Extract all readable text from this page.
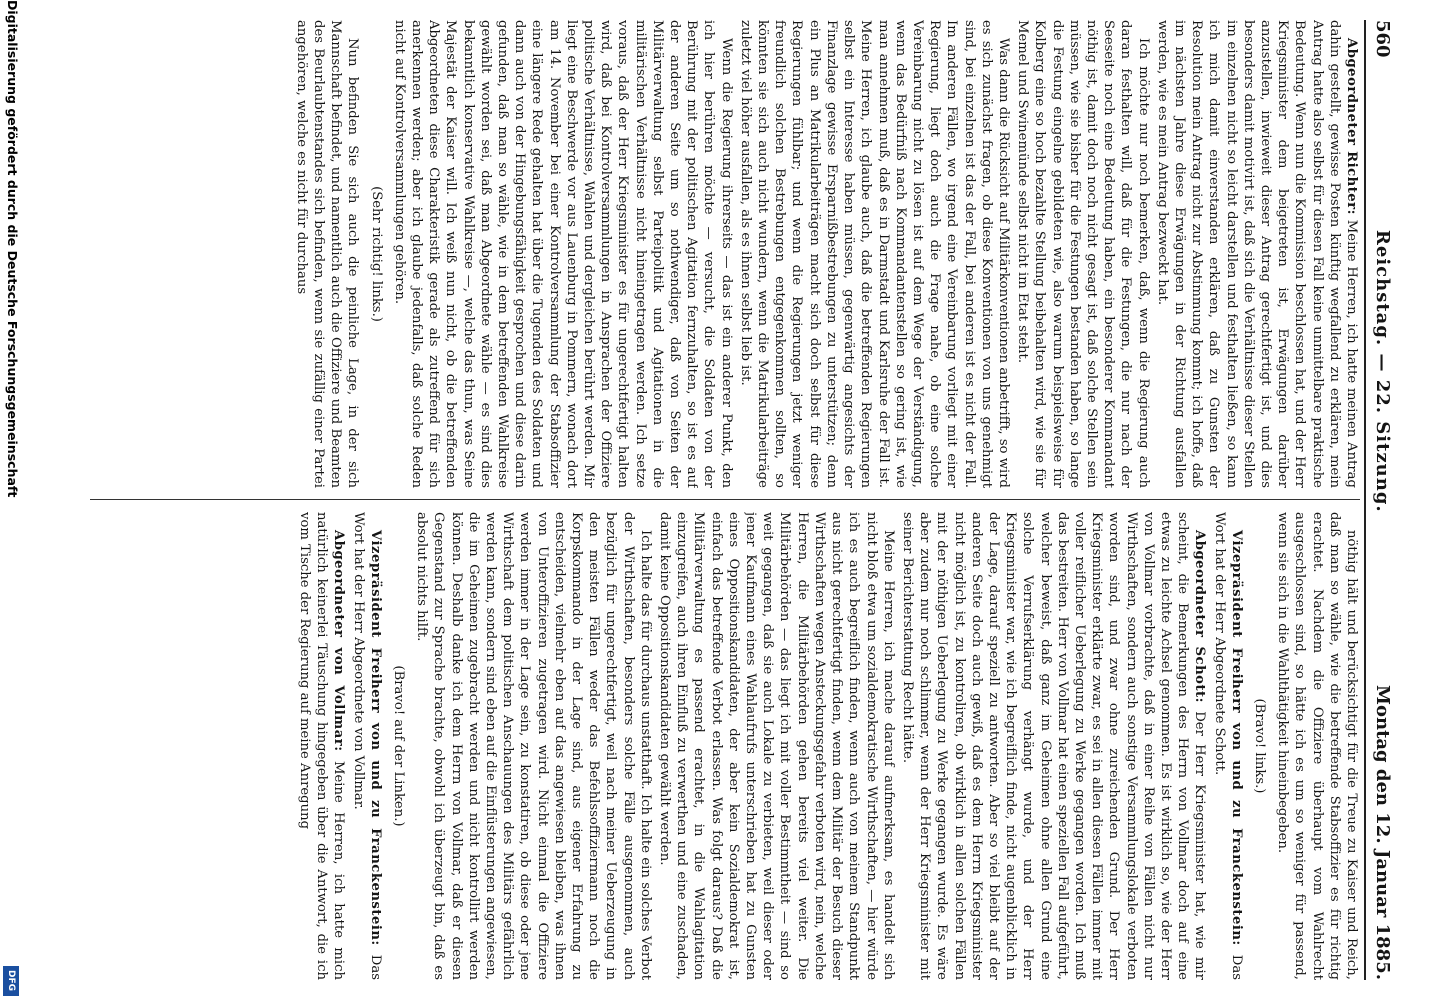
Digitalisierung gefördert durch die Deutsche Forschungsgemeinschaft
DFG
560
Reichstag. — 22. Sitzung.
Montag den 12. Januar 1885.

Abgeordneter Richter: Meine Herren, ich hatte meinen Antrag dahin gestellt, gewisse Posten künftig wegfallend zu erklären, mein Antrag hatte also selbst für diesen Fall keine unmittelbare praktische Bedeutung. Wenn nun die Kommission beschlossen hat, und der Herr Kriegsminister dem beigetreten ist, Erwägungen darüber anzustellen, inwieweit dieser Antrag gerechtfertigt ist, und dies besonders damit motivirt ist, daß sich die Verhältnisse dieser Stellen im einzelnen nicht so leicht darstellen und festhalten ließen, so kann ich mich damit einverstanden erklären, daß zu Gunsten der Resolution mein Antrag nicht zur Abstimmung kommt; ich hoffe, daß im nächsten Jahre diese Erwägungen in der Richtung ausfallen werden, wie es mein Antrag bezweckt hat.

Ich möchte nur noch bemerken, daß, wenn die Regierung auch daran festhalten will, daß für die Festungen, die nur nach der Seeseite noch eine Bedeutung haben, ein besonderer Kommandant nöthig ist, damit doch noch nicht gesagt ist, daß solche Stellen sein müssen, wie sie bisher für die Festungen bestanden haben, so lange die Festung eingelne gebildeten wie, also warum beispielsweise für Kolberg eine so hoch bezahlte Stellung beibehalten wird, wie sie für Memel und Swinemünde selbst nicht im Etat steht.

Was dann die Rücksicht auf Militärkonventionen anbetrifft, so wird es sich zunächst fragen, ob diese Konventionen von uns genehmigt sind, bei einzelnen ist das der Fall, bei anderen ist es nicht der Fall. Im anderen Fällen, wo irgend eine Vereinbarung vorliegt mit einer Regierung, liegt doch auch die Frage nahe, ob eine solche Vereinbarung nicht zu lösen ist auf dem Wege der Verständigung, wenn das Bedürfniß nach Kommandantenstellen so gering ist, wie man annehmen muß, daß es in Darmstadt und Karlsruhe der Fall ist. Meine Herren, ich glaube auch, daß die betreffenden Regierungen selbst ein Interesse haben müssen, gegenwärtig angesichts der Finanzlage gewisse Ersparnißbestrebungen zu unterstützen; denn ein Plus an Matrikularbeiträgen macht sich doch selbst für diese Regierungen fühlbar; und wenn die Regierungen jetzt weniger freundlich solchen Bestrebungen entgegenkommen sollten, so könnten sie sich auch nicht wundern, wenn die Matrikularbeiträge zuletzt viel höher ausfallen, als es ihnen selbst lieb ist.

Wenn die Regierung ihrerseits — das ist ein anderer Punkt, den ich hier berühren möchte — versucht, die Soldaten von der Berührung mit der politischen Agitation fernzuhalten, so ist es auf der anderen Seite um so nothwendiger, daß von Seiten der Militärverwaltung selbst Parteipolitik und Agitationen in die militärischen Verhältnisse nicht hineingetragen werden. Ich setze voraus, daß der Herr Kriegsminister es für ungerechtfertigt halten wird, daß bei Kontrolversammlungen in Ansprachen der Offiziere politische Verhältnisse, Wahlen und dergleichen berührt werden. Mir liegt eine Beschwerde vor aus Lauenburg in Pommern, wonach dort am 14. November bei einer Kontrolversammlung der Stabsoffizier eine längere Rede gehalten hat über die Tugenden des Soldaten und dann auch von der Hingebungsfähigkeit gesprochen und diese darin gefunden, daß man so wähle, wie in dem betreffenden Wahlkreise gewählt worden sei, daß man Abgeordnete wähle — es sind dies bekanntlich konservative Wahlkreise —, welche das thun, was Seine Majestät der Kaiser will. Ich weiß nun nicht, ob die betreffenden Abgeordneten diese Charakteristik gerade als zutreffend für sich anerkennen werden; aber ich glaube jedenfalls, daß solche Reden nicht auf Kontrolversammlungen gehören.

(Sehr richtig! links.)

Nun befinden Sie sich auch die peinliche Lage, in der sich Mannschaft befindet, und namentlich auch die Offiziere und Beamten des Beurlaubtenstandes sich befinden, wenn sie zufällig einer Partei angehören, welche es nicht für durchaus

nöthig hält und berücksichtigt für die Treue zu Kaiser und Reich, daß man so wähle, wie die betreffende Stabsoffizier es für richtig erachtet. Nachdem die Offiziere überhaupt vom Wahlrecht ausgeschlossen sind, so hätte ich es um so weniger für passend, wenn sie sich in die Wahlthätigkeit hineinbegeben.

(Bravo! links.)

Vizepräsident Freiherr von und zu Franckenstein: Das Wort hat der Herr Abgeordnete Schott.

Abgeordneter Schott: Der Herr Kriegsminister hat, wie mir scheint, die Bemerkungen des Herrn von Vollmar doch auf eine etwas zu leichte Achsel genommen. Es ist wirklich so, wie der Herr von Vollmar vorbrachte, daß in einer Reihe von Fällen nicht nur Wirthschaften, sondern auch sonstige Versammlungslokale verboten worden sind, und zwar ohne zureichenden Grund. Der Herr Kriegsminister erklärte zwar, es sei in allen diesen Fällen immer mit voller reiflicher Ueberlegung zu Werke gegangen worden. Ich muß das bestreiten. Herr von Vollmar hat einen speziellen Fall aufgeführt, welcher beweist, daß ganz im Geheimen ohne allen Grund eine solche Verrufserklärung verhängt wurde, und der Herr Kriegsminister war, wie ich begreiflich finde, nicht augenblicklich in der Lage, darauf speziell zu antworten. Aber so viel bleibt auf der anderen Seite doch auch gewiß, daß es dem Herrn Kriegsminister nicht möglich ist, zu kontroliren, ob wirklich in allen solchen Fällen mit der nöthigen Ueberlegung zu Werke gegangen wurde. Es wäre aber zudem nur noch schlimmer, wenn der Herr Kriegsminister mit seiner Berichterstattung Recht hätte.

Meine Herren, ich mache darauf aufmerksam, es handelt sich nicht bloß etwa um sozialdemokratische Wirthschaften, — hier würde ich es auch begreiflich finden, wenn auch von meinem Standpunkt aus nicht gerechtfertigt finden, wenn dem Militär der Besuch dieser Wirthschaften wegen Ansteckungsgefahr verboten wird, nein, welche Herren, die Militärbehörden gehen bereits viel weiter. Die Militärbehörden — das liegt ich mit voller Bestimmtheit — sind so weit gegangen, daß sie auch Lokale zu verbieten, weil dieser oder jener Kaufmann eines Wahlaufrufs unterschrieben hat zu Gunsten eines Oppositionskandidaten, der aber kein Sozialdemokrat ist, einfach das betreffende Verbot erlassen. Was folgt daraus? Daß die Militärverwaltung es passend erachtet, in die Wahlagitation einzugreifen, auch ihren Einfluß zu verwerthen und eine zuschaden, damit keine Oppositionskandidaten gewählt werden.

Ich halte das für durchaus unstatthaft. Ich halte ein solches Verbot der Wirthschaften, besonders solche Fälle ausgenommen, auch bezüglich für ungerechtfertigt, weil nach meiner Ueberzeugung in den meisten Fällen weder das Befehlssoffiziermann noch die Korpskommando in der Lage sind, aus eigener Erfahrung zu entscheiden, vielmehr eben auf das angewiesen bleiben, was ihnen von Unteroffizieren zugetragen wird. Nicht einmal die Offiziere werden immer in der Lage sein, zu konstatiren, ob diese oder jene Wirthschaft dem politischen Anschauungen des Militärs gefährlich werden kann, sondern sind eben auf die Einflüsterungen angewiesen, die im Geheimen zugebracht werden und nicht kontrollirt werden können. Deshalb danke ich dem Herrn von Vollmar, daß er diesen Gegenstand zur Sprache brachte, obwohl ich überzeugt bin, daß es absolut nichts hilft.

(Bravo! auf der Linken.)

Vizepräsident Freiherr von und zu Franckenstein: Das Wort hat der Herr Abgeordnete von Vollmar.

Abgeordneter von Vollmar: Meine Herren, ich hatte mich natürlich keinerlei Täuschung hingegeben über die Antwort, die ich vom Tische der Regierung auf meine Anregung
